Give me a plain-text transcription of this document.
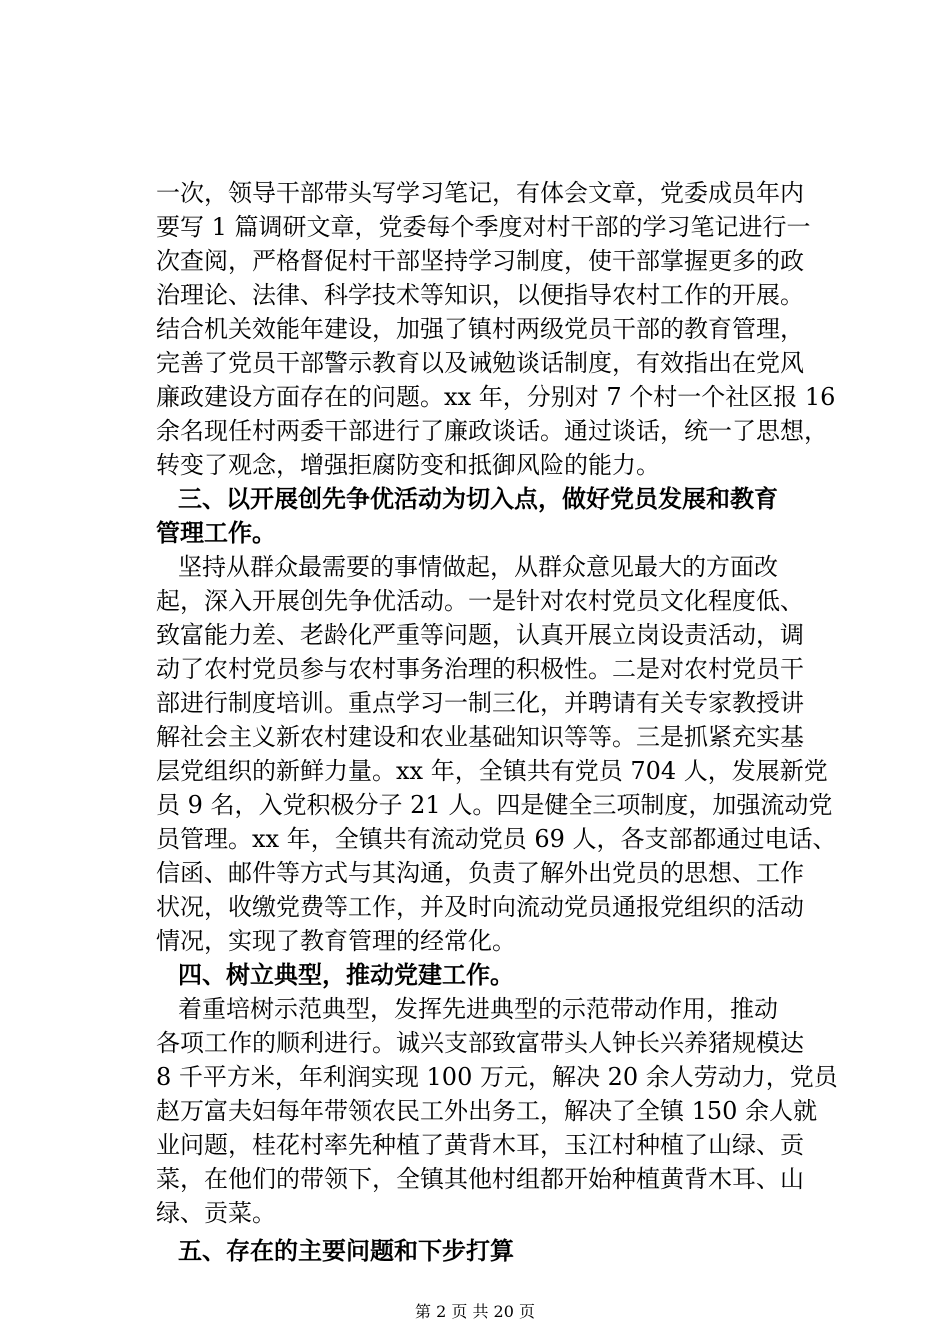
一次，领导干部带头写学习笔记，有体会文章，党委成员年内
要写 1 篇调研文章，党委每个季度对村干部的学习笔记进行一
次查阅，严格督促村干部坚持学习制度，使干部掌握更多的政
治理论、法律、科学技术等知识，以便指导农村工作的开展。
结合机关效能年建设，加强了镇村两级党员干部的教育管理，
完善了党员干部警示教育以及诫勉谈话制度，有效指出在党风
廉政建设方面存在的问题。xx 年，分别对 7 个村一个社区报 16
余名现任村两委干部进行了廉政谈话。通过谈话，统一了思想，
转变了观念，增强拒腐防变和抵御风险的能力。
三、以开展创先争优活动为切入点，做好党员发展和教育
管理工作。
坚持从群众最需要的事情做起，从群众意见最大的方面改
起，深入开展创先争优活动。一是针对农村党员文化程度低、
致富能力差、老龄化严重等问题，认真开展立岗设责活动，调
动了农村党员参与农村事务治理的积极性。二是对农村党员干
部进行制度培训。重点学习一制三化，并聘请有关专家教授讲
解社会主义新农村建设和农业基础知识等等。三是抓紧充实基
层党组织的新鲜力量。xx 年，全镇共有党员 704 人，发展新党
员 9 名，入党积极分子 21 人。四是健全三项制度，加强流动党
员管理。xx 年，全镇共有流动党员 69 人，各支部都通过电话、
信函、邮件等方式与其沟通，负责了解外出党员的思想、工作
状况，收缴党费等工作，并及时向流动党员通报党组织的活动
情况，实现了教育管理的经常化。
四、树立典型，推动党建工作。
着重培树示范典型，发挥先进典型的示范带动作用，推动
各项工作的顺利进行。诚兴支部致富带头人钟长兴养猪规模达
8 千平方米，年利润实现 100 万元，解决 20 余人劳动力，党员
赵万富夫妇每年带领农民工外出务工，解决了全镇 150 余人就
业问题，桂花村率先种植了黄背木耳，玉江村种植了山绿、贡
菜，在他们的带领下，全镇其他村组都开始种植黄背木耳、山
绿、贡菜。
五、存在的主要问题和下步打算
第 2 页 共 20 页
